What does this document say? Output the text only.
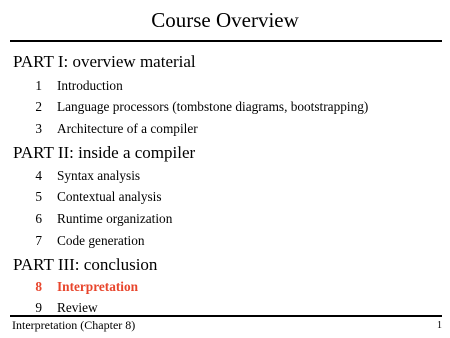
Course Overview
PART I: overview material
1 Introduction
2 Language processors (tombstone diagrams, bootstrapping)
3 Architecture of a compiler
PART II: inside a compiler
4 Syntax analysis
5 Contextual analysis
6 Runtime organization
7 Code generation
PART III: conclusion
8 Interpretation
9 Review
Interpretation (Chapter 8)	1
